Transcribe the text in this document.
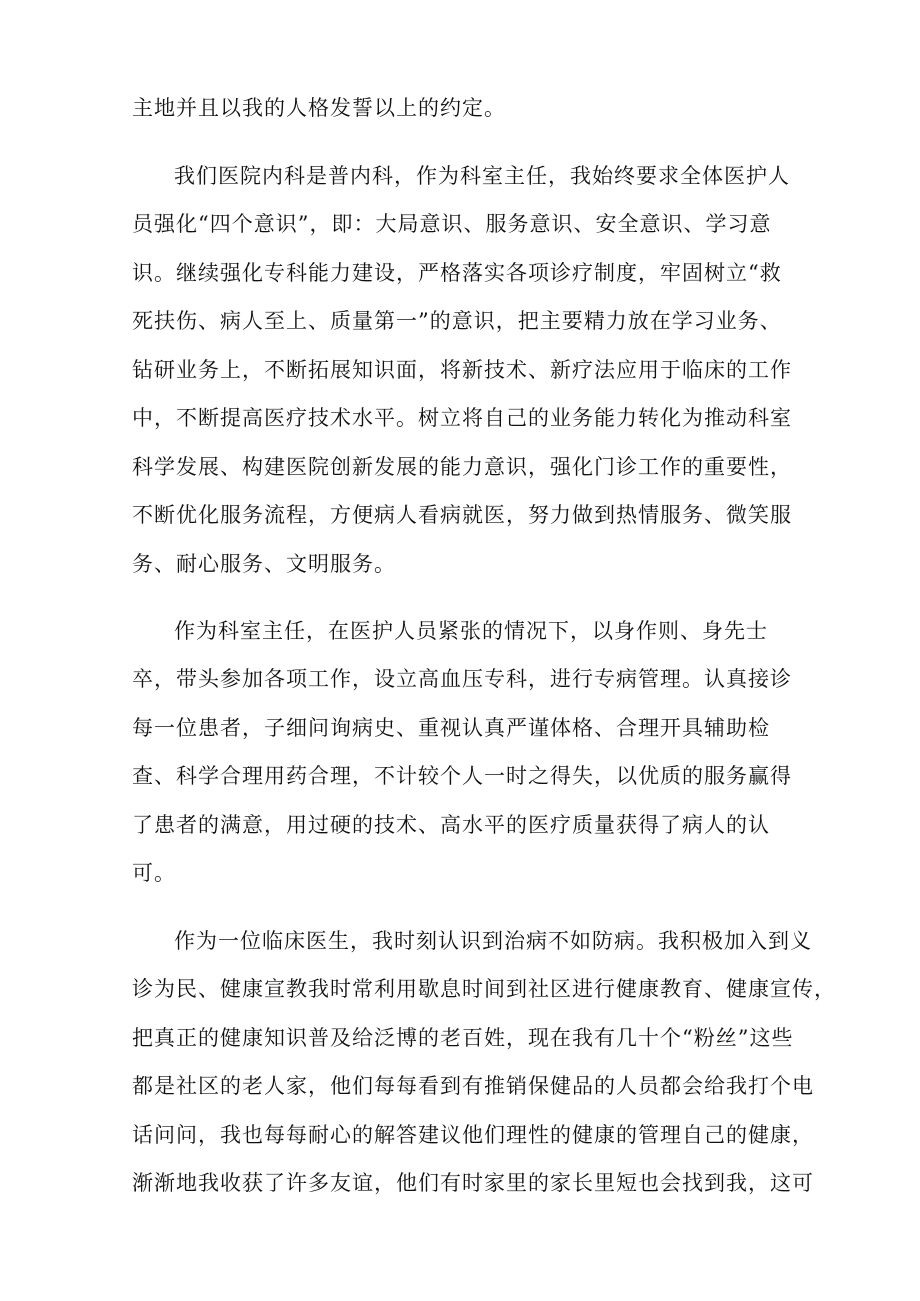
主地并且以我的人格发誓以上的约定。
我们医院内科是普内科，作为科室主任，我始终要求全体医护人
员强化“四个意识”，即：大局意识、服务意识、安全意识、学习意
识。继续强化专科能力建设，严格落实各项诊疗制度，牢固树立“救
死扶伤、病人至上、质量第一”的意识，把主要精力放在学习业务、
钻研业务上，不断拓展知识面，将新技术、新疗法应用于临床的工作
中，不断提高医疗技术水平。树立将自己的业务能力转化为推动科室
科学发展、构建医院创新发展的能力意识，强化门诊工作的重要性，
不断优化服务流程，方便病人看病就医，努力做到热情服务、微笑服
务、耐心服务、文明服务。
作为科室主任，在医护人员紧张的情况下，以身作则、身先士
卒，带头参加各项工作，设立高血压专科，进行专病管理。认真接诊
每一位患者，子细问询病史、重视认真严谨体格、合理开具辅助检
查、科学合理用药合理，不计较个人一时之得失，以优质的服务赢得
了患者的满意，用过硬的技术、高水平的医疗质量获得了病人的认
可。
作为一位临床医生，我时刻认识到治病不如防病。我积极加入到义
诊为民、健康宣教我时常利用歇息时间到社区进行健康教育、健康宣传，
把真正的健康知识普及给泛博的老百姓，现在我有几十个“粉丝”这些
都是社区的老人家，他们每每看到有推销保健品的人员都会给我打个电
话问问，我也每每耐心的解答建议他们理性的健康的管理自己的健康，
渐渐地我收获了许多友谊，他们有时家里的家长里短也会找到我，这可
